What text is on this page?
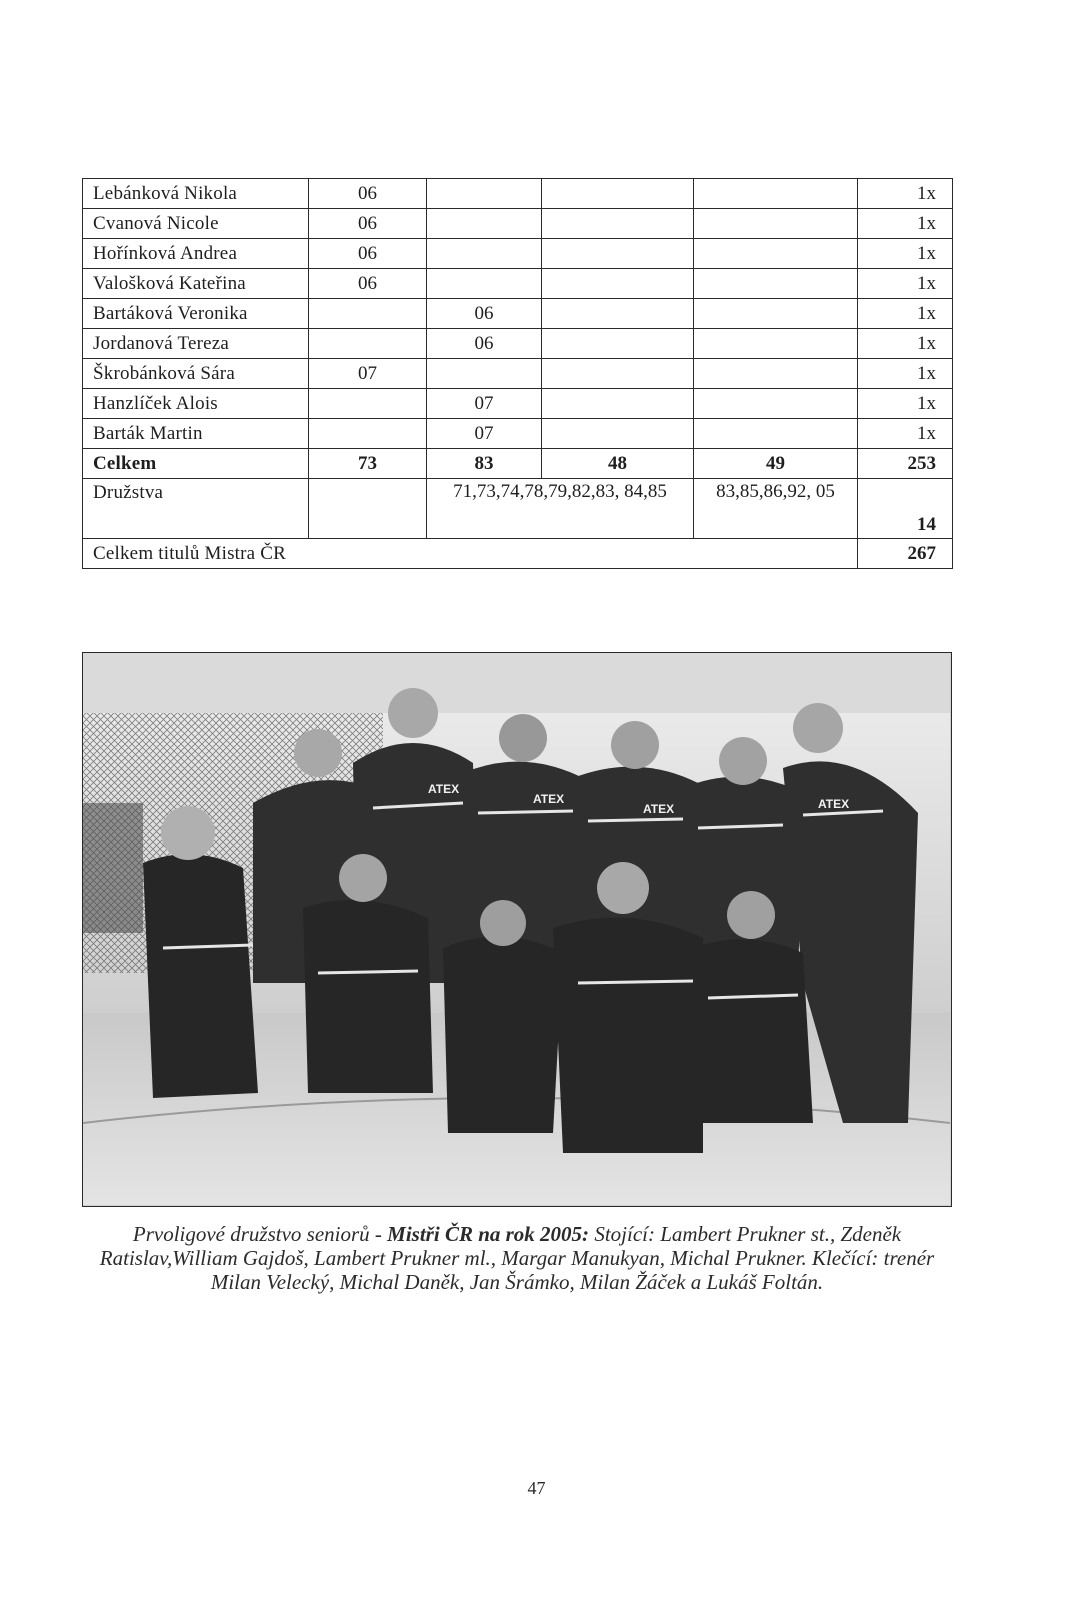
Lebánková Nikola	06				1x
Cvanová Nicole	06				1x
Hořínková Andrea	06				1x
Valošková Kateřina	06				1x
Bartáková Veronika		06			1x
Jordanová Tereza		06			1x
Škrobánková Sára	07				1x
Hanzlíček Alois		07			1x
Barták Martin		07			1x
Celkem	73	83	48	49	253
Družstva		71,73,74,78,79,82,83, 84,85		83,85,86,92, 05	14
Celkem titulů Mistra ČR					267
ATEX
ATEX
ATEX	ATEX

Prvoligové družstvo seniorů - Mistři ČR na rok 2005: Stojící: Lambert Prukner st., Zdeněk Ratislav,William Gajdoš, Lambert Prukner ml., Margar Manukyan, Michal Prukner. Klečící: trenér Milan Velecký, Michal Daněk, Jan Šrámko, Milan Žáček a Lukáš Foltán.

47
